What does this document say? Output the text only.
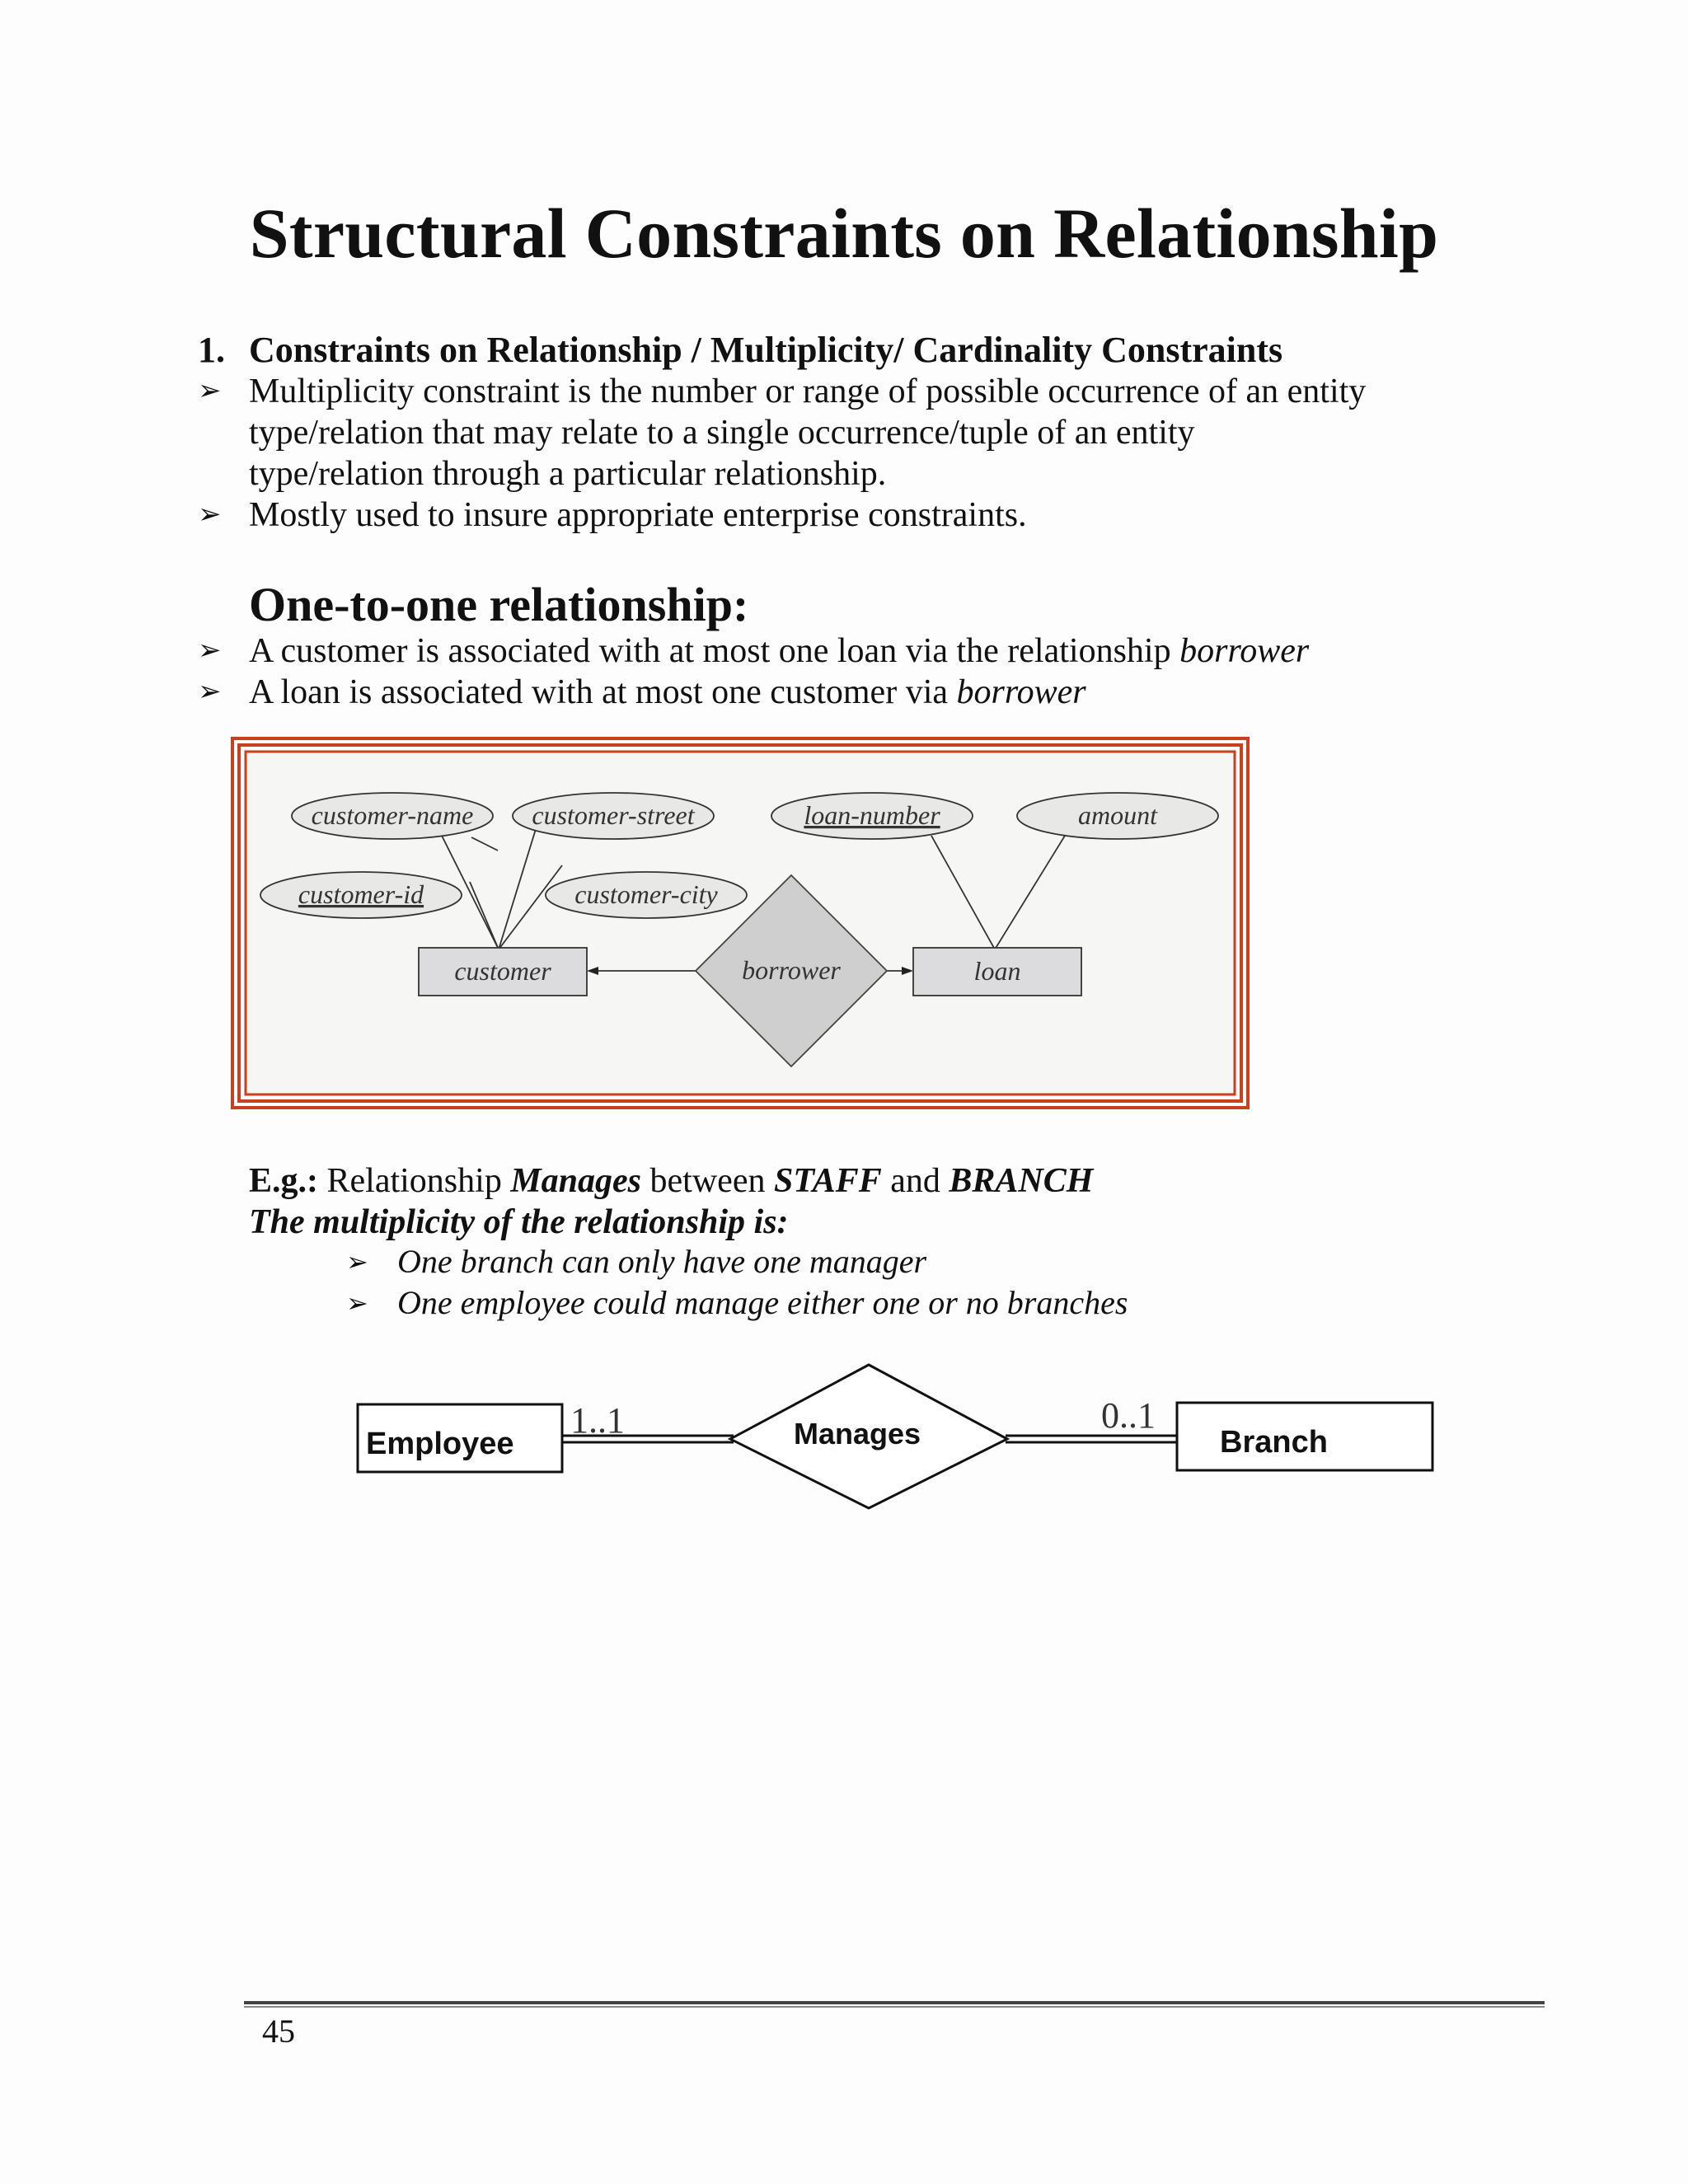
Structural Constraints on Relationship
1. Constraints on Relationship / Multiplicity/ Cardinality Constraints
➢ Multiplicity constraint is the number or range of possible occurrence of an entity
type/relation that may relate to a single occurrence/tuple of an entity
type/relation through a particular relationship.
➢ Mostly used to insure appropriate enterprise constraints.
One-to-one relationship:
➢ A customer is associated with at most one loan via the relationship borrower
➢ A loan is associated with at most one customer via borrower
customer-name customer-street
customer-id	customer-city
loan-number	amount
customer	loan
borrower
E.g.: Relationship Manages between STAFF and BRANCH
The multiplicity of the relationship is:
➢ One branch can only have one manager
➢ One employee could manage either one or no branches
Employee	Manages	Branch
1..1	0..1
45
